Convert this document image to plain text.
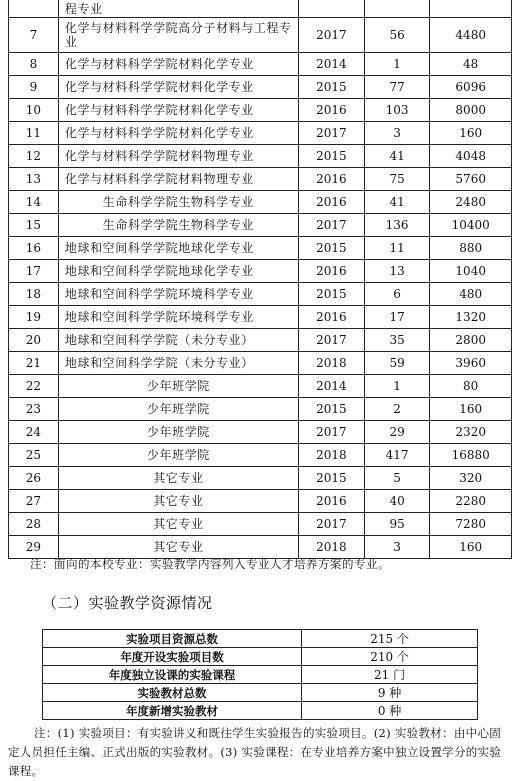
	程专业			
7	化学与材料科学学院高分子材料与工程专业	2017	56	4480
8	化学与材料科学学院材料化学专业	2014	1	48
9	化学与材料科学学院材料化学专业	2015	77	6096
10	化学与材料科学学院材料化学专业	2016	103	8000
11	化学与材料科学学院材料化学专业	2017	3	160
12	化学与材料科学学院材料物理专业	2015	41	4048
13	化学与材料科学学院材料物理专业	2016	75	5760
14	生命科学学院生物科学专业	2016	41	2480
15	生命科学学院生物科学专业	2017	136	10400
16	地球和空间科学学院地球化学专业	2015	11	880
17	地球和空间科学学院地球化学专业	2016	13	1040
18	地球和空间科学学院环境科学专业	2015	6	480
19	地球和空间科学学院环境科学专业	2016	17	1320
20	地球和空间科学学院（未分专业）	2017	35	2800
21	地球和空间科学学院（未分专业）	2018	59	3960
22	少年班学院	2014	1	80
23	少年班学院	2015	2	160
24	少年班学院	2017	29	2320
25	少年班学院	2018	417	16880
26	其它专业	2015	5	320
27	其它专业	2016	40	2280
28	其它专业	2017	95	7280
29	其它专业	2018	3	160
注：面向的本校专业：实验教学内容列入专业人才培养方案的专业。
（二）实验教学资源情况
实验项目资源总数	215 个
年度开设实验项目数	210 个
年度独立设课的实验课程	21 门
实验教材总数	9 种
年度新增实验教材	0 种
注：(1) 实验项目：有实验讲义和既往学生实验报告的实验项目。(2) 实验教材：由中心固定人员担任主编、正式出版的实验教材。(3) 实验课程：在专业培养方案中独立设置学分的实验课程。
